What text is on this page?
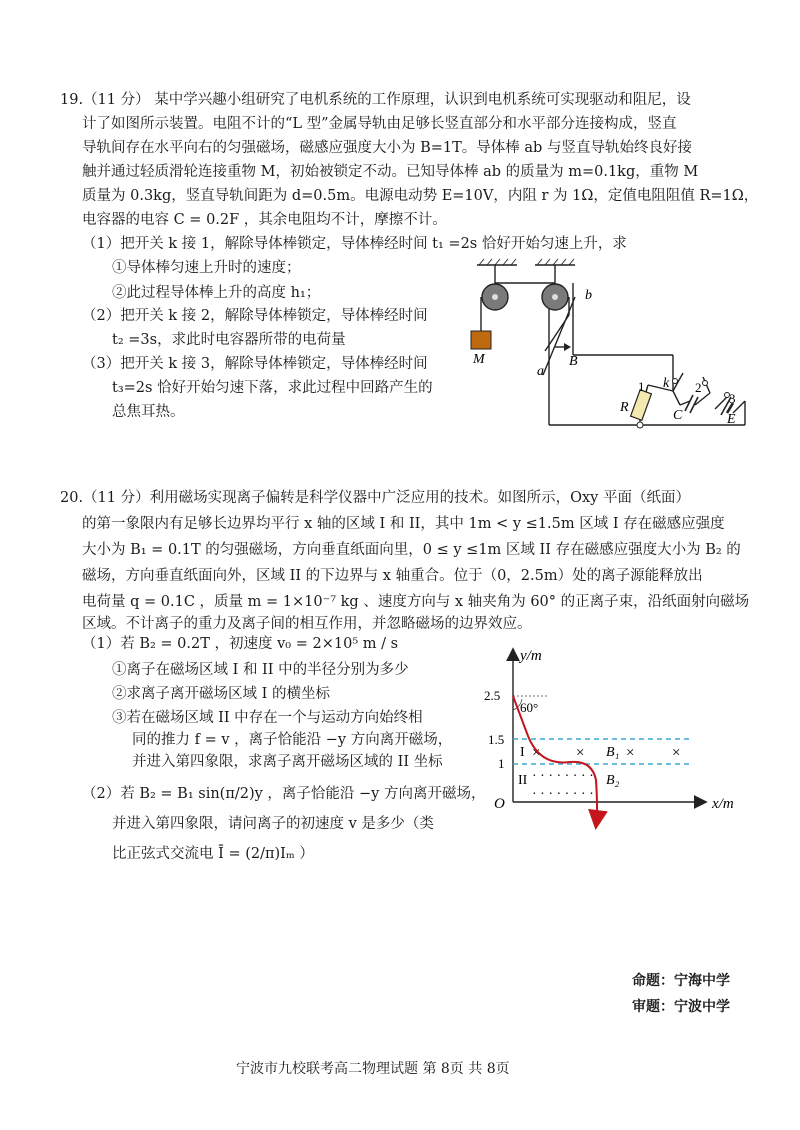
19.（11 分） 某中学兴趣小组研究了电机系统的工作原理，认识到电机系统可实现驱动和阻尼，设
计了如图所示装置。电阻不计的“L 型”金属导轨由足够长竖直部分和水平部分连接构成，竖直
导轨间存在水平向右的匀强磁场，磁感应强度大小为 B=1T。导体棒 ab 与竖直导轨始终良好接
触并通过轻质滑轮连接重物 M，初始被锁定不动。已知导体棒 ab 的质量为 m=0.1kg，重物 M
质量为 0.3kg，竖直导轨间距为 d=0.5m。电源电动势 E=10V，内阻 r 为 1Ω，定值电阻阻值 R=1Ω，
电容器的电容 C = 0.2F ，其余电阻均不计，摩擦不计。
（1）把开关 k 接 1，解除导体棒锁定，导体棒经时间 t₁ =2s 恰好开始匀速上升，求
①导体棒匀速上升时的速度；
②此过程导体棒上升的高度 h₁；
（2）把开关 k 接 2，解除导体棒锁定，导体棒经时间
t₂ =3s，求此时电容器所带的电荷量
（3）把开关 k 接 3，解除导体棒锁定，导体棒经时间
t₃=2s 恰好开始匀速下落，求此过程中回路产生的
总焦耳热。
M
a
b
B
R
C	E
k
1	2
3
20.（11 分）利用磁场实现离子偏转是科学仪器中广泛应用的技术。如图所示，Oxy 平面（纸面）
的第一象限内有足够长边界均平行 x 轴的区域 I 和 II，其中 1m < y ≤1.5m 区域 I 存在磁感应强度
大小为 B₁ = 0.1T 的匀强磁场，方向垂直纸面向里，0 ≤ y ≤1m 区域 II 存在磁感应强度大小为 B₂ 的
磁场，方向垂直纸面向外，区域 II 的下边界与 x 轴重合。位于（0，2.5m）处的离子源能释放出
电荷量 q = 0.1C ，质量 m = 1×10⁻⁷ kg 、速度方向与 x 轴夹角为 60° 的正离子束，沿纸面射向磁场
区域。不计离子的重力及离子间的相互作用，并忽略磁场的边界效应。
（1）若 B₂ = 0.2T ，初速度 v₀ = 2×10⁵ m / s
①离子在磁场区域 I 和 II 中的半径分别为多少
②求离子离开磁场区域 I 的横坐标
③若在磁场区域 II 中存在一个与运动方向始终相
同的推力 f = v ，离子恰能沿 −y 方向离开磁场，
并进入第四象限，求离子离开磁场区域的 II 坐标
（2）若 B₂ = B₁ sin(π/2)y ，离子恰能沿 −y 方向离开磁场，
并进入第四象限，请问离子的初速度 v 是多少（类
比正弦式交流电 Ī = (2/π)Iₘ ）
y/m
x/m
O
2.5
1.5
1
I × × B₁ ×	×
II	B₂
· · · · · · · ·
· · · · · · · ·
60°
命题：宁海中学
审题：宁波中学
宁波市九校联考高二物理试题 第 8页 共 8页
